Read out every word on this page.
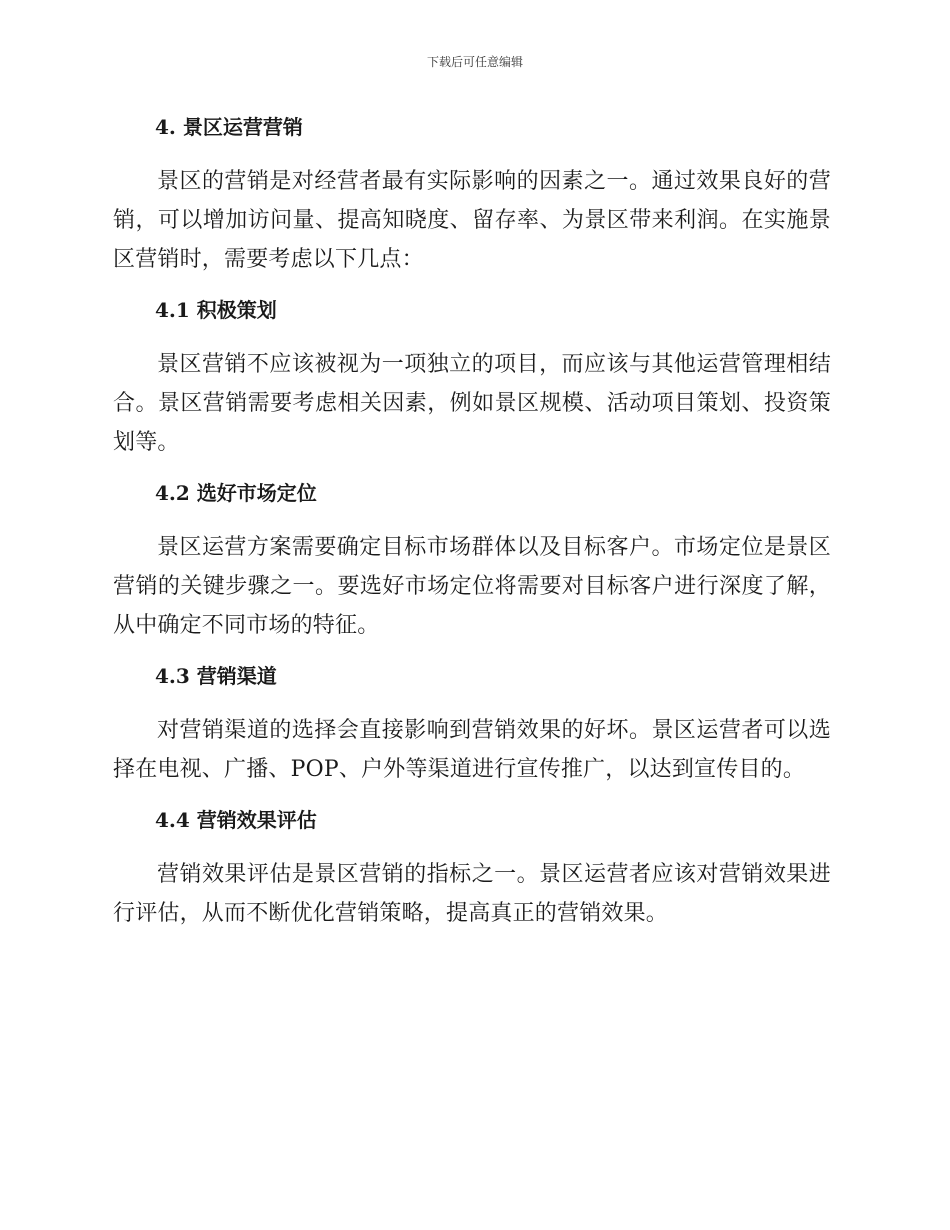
下载后可任意编辑
4. 景区运营营销

景区的营销是对经营者最有实际影响的因素之一。通过效果良好的营销，可以增加访问量、提高知晓度、留存率、为景区带来利润。在实施景区营销时，需要考虑以下几点：

4.1 积极策划

景区营销不应该被视为一项独立的项目，而应该与其他运营管理相结合。景区营销需要考虑相关因素，例如景区规模、活动项目策划、投资策划等。

4.2 选好市场定位

景区运营方案需要确定目标市场群体以及目标客户。市场定位是景区营销的关键步骤之一。要选好市场定位将需要对目标客户进行深度了解，从中确定不同市场的特征。

4.3 营销渠道

对营销渠道的选择会直接影响到营销效果的好坏。景区运营者可以选择在电视、广播、POP、户外等渠道进行宣传推广，以达到宣传目的。

4.4 营销效果评估

营销效果评估是景区营销的指标之一。景区运营者应该对营销效果进行评估，从而不断优化营销策略，提高真正的营销效果。
